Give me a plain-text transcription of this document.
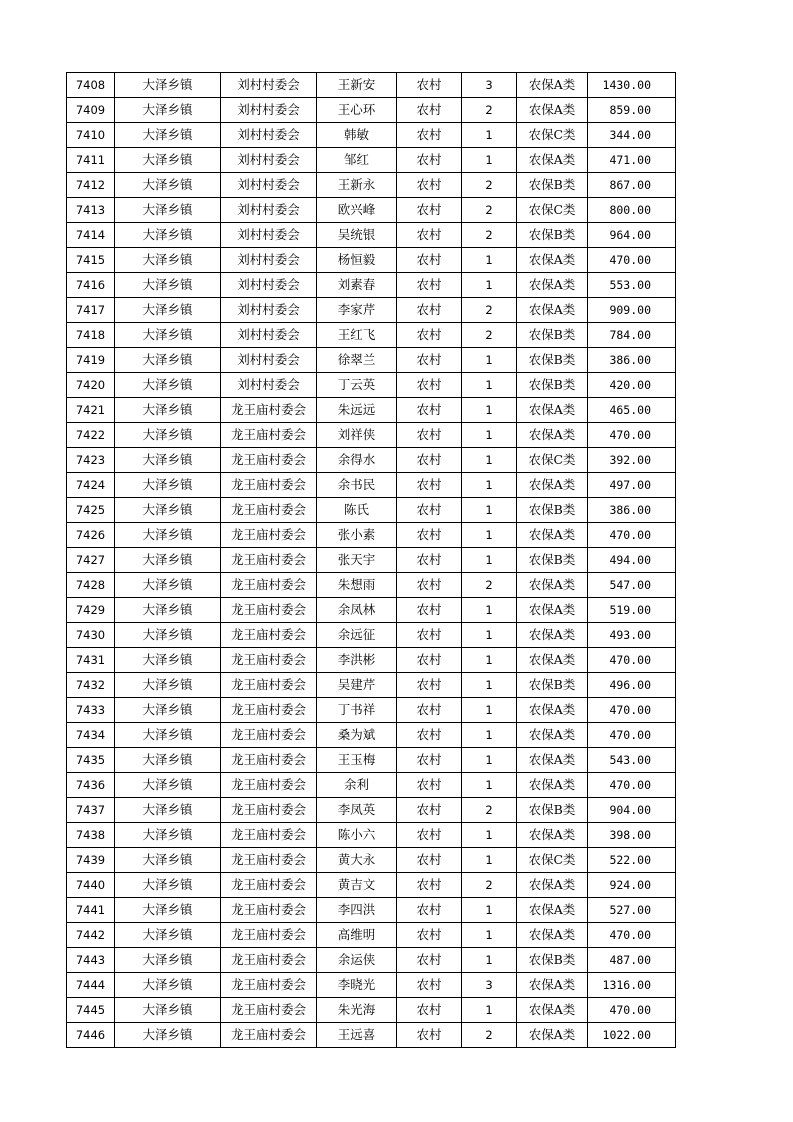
7408	大泽乡镇	刘村村委会	王新安	农村	3	农保A类	1430.00
7409	大泽乡镇	刘村村委会	王心环	农村	2	农保A类	859.00
7410	大泽乡镇	刘村村委会	韩敏	农村	1	农保C类	344.00
7411	大泽乡镇	刘村村委会	邹红	农村	1	农保A类	471.00
7412	大泽乡镇	刘村村委会	王新永	农村	2	农保B类	867.00
7413	大泽乡镇	刘村村委会	欧兴峰	农村	2	农保C类	800.00
7414	大泽乡镇	刘村村委会	吴统银	农村	2	农保B类	964.00
7415	大泽乡镇	刘村村委会	杨恒毅	农村	1	农保A类	470.00
7416	大泽乡镇	刘村村委会	刘素春	农村	1	农保A类	553.00
7417	大泽乡镇	刘村村委会	李家芹	农村	2	农保A类	909.00
7418	大泽乡镇	刘村村委会	王红飞	农村	2	农保B类	784.00
7419	大泽乡镇	刘村村委会	徐翠兰	农村	1	农保B类	386.00
7420	大泽乡镇	刘村村委会	丁云英	农村	1	农保B类	420.00
7421	大泽乡镇	龙王庙村委会	朱远远	农村	1	农保A类	465.00
7422	大泽乡镇	龙王庙村委会	刘祥侠	农村	1	农保A类	470.00
7423	大泽乡镇	龙王庙村委会	余得水	农村	1	农保C类	392.00
7424	大泽乡镇	龙王庙村委会	余书民	农村	1	农保A类	497.00
7425	大泽乡镇	龙王庙村委会	陈氏	农村	1	农保B类	386.00
7426	大泽乡镇	龙王庙村委会	张小素	农村	1	农保A类	470.00
7427	大泽乡镇	龙王庙村委会	张天宇	农村	1	农保B类	494.00
7428	大泽乡镇	龙王庙村委会	朱想雨	农村	2	农保A类	547.00
7429	大泽乡镇	龙王庙村委会	余凤林	农村	1	农保A类	519.00
7430	大泽乡镇	龙王庙村委会	余远征	农村	1	农保A类	493.00
7431	大泽乡镇	龙王庙村委会	李洪彬	农村	1	农保A类	470.00
7432	大泽乡镇	龙王庙村委会	吴建芹	农村	1	农保B类	496.00
7433	大泽乡镇	龙王庙村委会	丁书祥	农村	1	农保A类	470.00
7434	大泽乡镇	龙王庙村委会	桑为斌	农村	1	农保A类	470.00
7435	大泽乡镇	龙王庙村委会	王玉梅	农村	1	农保A类	543.00
7436	大泽乡镇	龙王庙村委会	余利	农村	1	农保A类	470.00
7437	大泽乡镇	龙王庙村委会	李凤英	农村	2	农保B类	904.00
7438	大泽乡镇	龙王庙村委会	陈小六	农村	1	农保A类	398.00
7439	大泽乡镇	龙王庙村委会	黄大永	农村	1	农保C类	522.00
7440	大泽乡镇	龙王庙村委会	黄吉文	农村	2	农保A类	924.00
7441	大泽乡镇	龙王庙村委会	李四洪	农村	1	农保A类	527.00
7442	大泽乡镇	龙王庙村委会	高维明	农村	1	农保A类	470.00
7443	大泽乡镇	龙王庙村委会	余运侠	农村	1	农保B类	487.00
7444	大泽乡镇	龙王庙村委会	李晓光	农村	3	农保A类	1316.00
7445	大泽乡镇	龙王庙村委会	朱光海	农村	1	农保A类	470.00
7446	大泽乡镇	龙王庙村委会	王远喜	农村	2	农保A类	1022.00
